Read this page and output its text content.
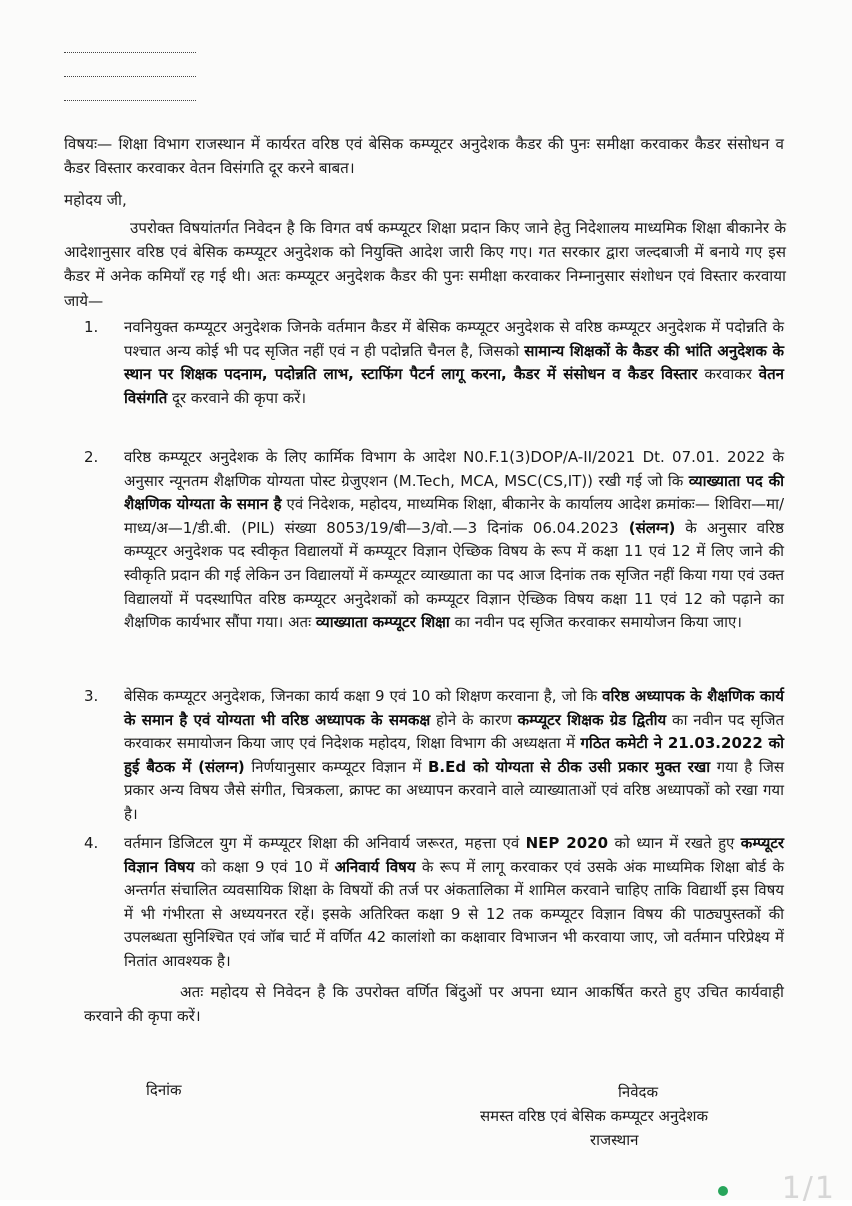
विषयः— शिक्षा विभाग राजस्थान में कार्यरत वरिष्ठ एवं बेसिक कम्प्यूटर अनुदेशक कैडर की पुनः समीक्षा करवाकर कैडर संसोधन व कैडर विस्तार करवाकर वेतन विसंगति दूर करने बाबत।

महोदय जी,

उपरोक्त विषयांतर्गत निवेदन है कि विगत वर्ष कम्प्यूटर शिक्षा प्रदान किए जाने हेतु निदेशालय माध्यमिक शिक्षा बीकानेर के आदेशानुसार वरिष्ठ एवं बेसिक कम्प्यूटर अनुदेशक को नियुक्ति आदेश जारी किए गए। गत सरकार द्वारा जल्दबाजी में बनाये गए इस कैडर में अनेक कमियाँ रह गई थी। अतः कम्प्यूटर अनुदेशक कैडर की पुनः समीक्षा करवाकर निम्नानुसार संशोधन एवं विस्तार करवाया जाये—

1.	नवनियुक्त कम्प्यूटर अनुदेशक जिनके वर्तमान कैडर में बेसिक कम्प्यूटर अनुदेशक से वरिष्ठ कम्प्यूटर अनुदेशक में पदोन्नति के पश्चात अन्य कोई भी पद सृजित नहीं एवं न ही पदोन्नति चैनल है, जिसको सामान्य शिक्षकों के कैडर की भांति अनुदेशक के स्थान पर शिक्षक पदनाम, पदोन्नति लाभ, स्टाफिंग पैटर्न लागू करना, कैडर में संसोधन व कैडर विस्तार करवाकर वेतन विसंगति दूर करवाने की कृपा करें।
2.	वरिष्ठ कम्प्यूटर अनुदेशक के लिए कार्मिक विभाग के आदेश N0.F.1(3)DOP/A-II/2021 Dt. 07.01. 2022 के अनुसार न्यूनतम शैक्षणिक योग्यता पोस्ट ग्रेजुएशन (M.Tech, MCA, MSC(CS,IT)) रखी गई जो कि व्याख्याता पद की शैक्षणिक योग्यता के समान है एवं निदेशक, महोदय, माध्यमिक शिक्षा, बीकानेर के कार्यालय आदेश क्रमांकः— शिविरा—मा/माध्य/अ—1/डी.बी. (PIL) संख्या 8053/19/बी—3/वो.—3 दिनांक 06.04.2023 (संलग्न) के अनुसार वरिष्ठ कम्प्यूटर अनुदेशक पद स्वीकृत विद्यालयों में कम्प्यूटर विज्ञान ऐच्छिक विषय के रूप में कक्षा 11 एवं 12 में लिए जाने की स्वीकृति प्रदान की गई लेकिन उन विद्यालयों में कम्प्यूटर व्याख्याता का पद आज दिनांक तक सृजित नहीं किया गया एवं उक्त विद्यालयों में पदस्थापित वरिष्ठ कम्प्यूटर अनुदेशकों को कम्प्यूटर विज्ञान ऐच्छिक विषय कक्षा 11 एवं 12 को पढ़ाने का शैक्षणिक कार्यभार सौंपा गया। अतः व्याख्याता कम्प्यूटर शिक्षा का नवीन पद सृजित करवाकर समायोजन किया जाए।
3.	बेसिक कम्प्यूटर अनुदेशक, जिनका कार्य कक्षा 9 एवं 10 को शिक्षण करवाना है, जो कि वरिष्ठ अध्यापक के शैक्षणिक कार्य के समान है एवं योग्यता भी वरिष्ठ अध्यापक के समकक्ष होने के कारण कम्प्यूटर शिक्षक ग्रेड द्वितीय का नवीन पद सृजित करवाकर समायोजन किया जाए एवं निदेशक महोदय, शिक्षा विभाग की अध्यक्षता में गठित कमेटी ने 21.03.2022 को हुई बैठक में (संलग्न) निर्णयानुसार कम्प्यूटर विज्ञान में B.Ed को योग्यता से ठीक उसी प्रकार मुक्त रखा गया है जिस प्रकार अन्य विषय जैसे संगीत, चित्रकला, क्राफ्ट का अध्यापन करवाने वाले व्याख्याताओं एवं वरिष्ठ अध्यापकों को रखा गया है।
4.	वर्तमान डिजिटल युग में कम्प्यूटर शिक्षा की अनिवार्य जरूरत, महत्ता एवं NEP 2020 को ध्यान में रखते हुए कम्प्यूटर विज्ञान विषय को कक्षा 9 एवं 10 में अनिवार्य विषय के रूप में लागू करवाकर एवं उसके अंक माध्यमिक शिक्षा बोर्ड के अन्तर्गत संचालित व्यवसायिक शिक्षा के विषयों की तर्ज पर अंकतालिका में शामिल करवाने चाहिए ताकि विद्यार्थी इस विषय में भी गंभीरता से अध्ययनरत रहें। इसके अतिरिक्त कक्षा 9 से 12 तक कम्प्यूटर विज्ञान विषय की पाठ्यपुस्तकों की उपलब्धता सुनिश्चित एवं जॉब चार्ट में वर्णित 42 कालांशो का कक्षावार विभाजन भी करवाया जाए, जो वर्तमान परिप्रेक्ष्य में नितांत आवश्यक है।

अतः महोदय से निवेदन है कि उपरोक्त वर्णित बिंदुओं पर अपना ध्यान आकर्षित करते हुए उचित कार्यवाही करवाने की कृपा करें।

दिनांक	निवेदक
समस्त वरिष्ठ एवं बेसिक कम्प्यूटर अनुदेशक
राजस्थान
1/1
